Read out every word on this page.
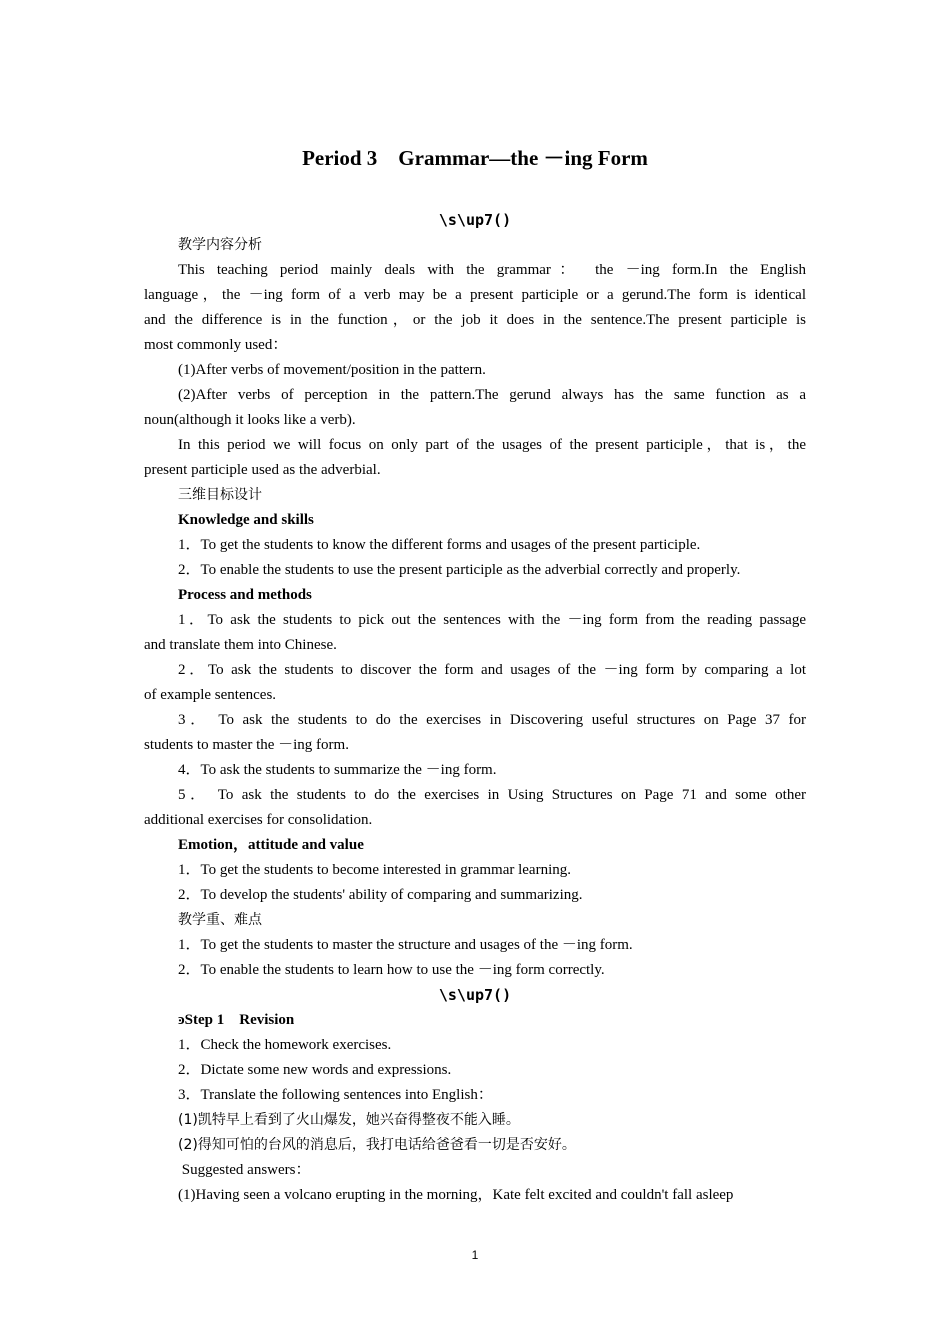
Period 3　Grammar—the －ing Form
\s\up7()
教学内容分析
This teaching period mainly deals with the grammar： the －ing form.In the English
language，the －ing form of a verb may be a present participle or a gerund.The form is identical
and the difference is in the function，or the job it does in the sentence.The present participle is
most commonly used：
(1)After verbs of movement/position in the pattern.
(2)After verbs of perception in the pattern.The gerund always has the same function as a
noun(although it looks like a verb).
In this period we will focus on only part of the usages of the present participle，that is，the
present participle used as the adverbial.
三维目标设计
Knowledge and skills
1．To get the students to know the different forms and usages of the present participle.
2．To enable the students to use the present participle as the adverbial correctly and properly.
Process and methods
1．To ask the students to pick out the sentences with the －ing form from the reading passage
and translate them into Chinese.
2．To ask the students to discover the form and usages of the －ing form by comparing a lot
of example sentences.
3． To ask the students to do the exercises in Discovering useful structures on Page 37 for
students to master the －ing form.
4．To ask the students to summarize the －ing form.
5． To ask the students to do the exercises in Using Structures on Page 71 and some other
additional exercises for consolidation.
Emotion，attitude and value
1．To get the students to become interested in grammar learning.
2．To develop the students' ability of comparing and summarizing.
教学重、难点
1．To get the students to master the structure and usages of the －ing form.
2．To enable the students to learn how to use the －ing form correctly.
\s\up7()
ͽStep 1　Revision
1．Check the homework exercises.
2．Dictate some new words and expressions.
3．Translate the following sentences into English：
(1)凯特早上看到了火山爆发，她兴奋得整夜不能入睡。
(2)得知可怕的台风的消息后，我打电话给爸爸看一切是否安好。
Suggested answers：
(1)Having seen a volcano erupting in the morning，Kate felt excited and couldn't fall asleep
1
